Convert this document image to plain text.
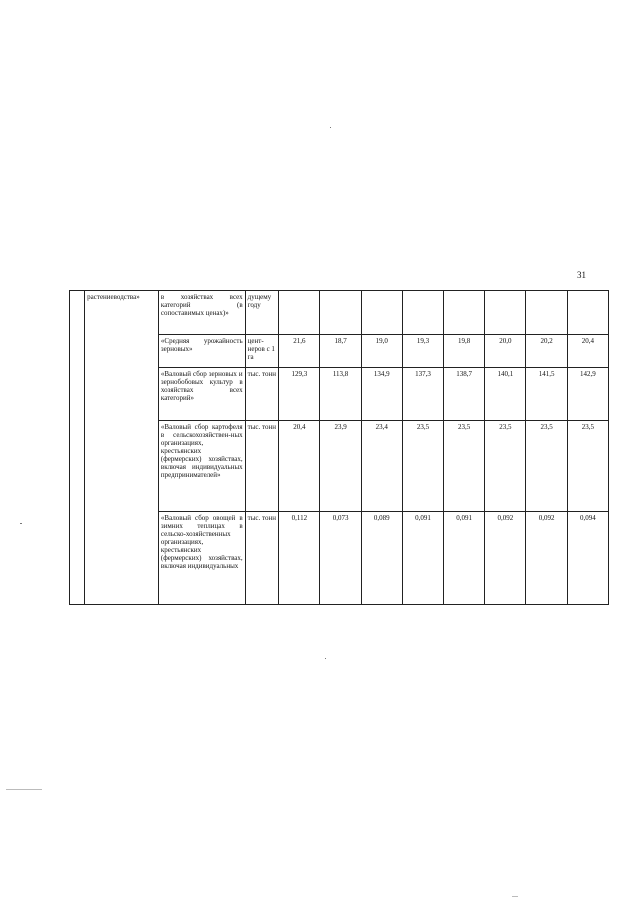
31
	растениеводства»	в хозяйствах всех категорий (в сопоставимых ценах)»	дущему году								
		«Средняя урожайность зерновых»	цент-неров с 1 га	21,6	18,7	19,0	19,3	19,8	20,0	20,2	20,4
		«Валовый сбор зерновых и зернобобовых культур в хозяйствах всех категорий»	тыс. тонн	129,3	113,8	134,9	137,3	138,7	140,1	141,5	142,9
		«Валовый сбор картофеля в сельскохозяйствен-ных организациях, крестьянских (фермерских) хозяйствах, включая индивидуальных предпринимателей»	тыс. тонн	20,4	23,9	23,4	23,5	23,5	23,5	23,5	23,5
		«Валовый сбор овощей в зимних теплицах в сельско-хозяйственных организациях, крестьянских (фермерских) хозяйствах, включая индивидуальных	тыс. тонн	0,112	0,073	0,089	0,091	0,091	0,092	0,092	0,094
